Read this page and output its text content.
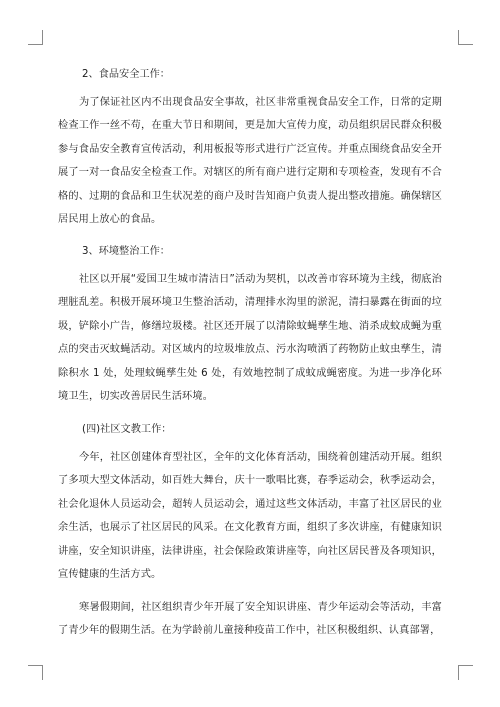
2、食品安全工作：

为了保证社区内不出现食品安全事故，社区非常重视食品安全工作，日常的定期检查工作一丝不苟，在重大节日和期间，更是加大宣传力度，动员组织居民群众积极参与食品安全教育宣传活动，利用板报等形式进行广泛宣传。并重点围绕食品安全开展了一对一食品安全检查工作。对辖区的所有商户进行定期和专项检查，发现有不合格的、过期的食品和卫生状况差的商户及时告知商户负责人提出整改措施。确保辖区居民用上放心的食品。

3、环境整治工作：

社区以开展“爱国卫生城市清洁日”活动为契机，以改善市容环境为主线，彻底治理脏乱差。积极开展环境卫生整治活动，清理排水沟里的淤泥，清扫暴露在街面的垃圾，铲除小广告，修缮垃圾楼。社区还开展了以清除蚊蝇孳生地、消杀成蚊成蝇为重点的突击灭蚊蝇活动。对区域内的垃圾堆放点、污水沟喷洒了药物防止蚊虫孳生，清除积水 1 处，处理蚊蝇孳生处 6 处，有效地控制了成蚊成蝇密度。为进一步净化环境卫生，切实改善居民生活环境。

(四)社区文教工作：

今年，社区创建体育型社区，全年的文化体育活动，围绕着创建活动开展。组织了多项大型文体活动，如百姓大舞台，庆十一歌唱比赛，春季运动会，秋季运动会，社会化退休人员运动会，超转人员运动会，通过这些文体活动，丰富了社区居民的业余生活，也展示了社区居民的风采。在文化教育方面，组织了多次讲座，有健康知识讲座，安全知识讲座，法律讲座，社会保险政策讲座等，向社区居民普及各项知识，宣传健康的生活方式。

寒暑假期间，社区组织青少年开展了安全知识讲座、青少年运动会等活动，丰富了青少年的假期生活。在为学龄前儿童接种疫苗工作中，社区积极组织、认真部署，
